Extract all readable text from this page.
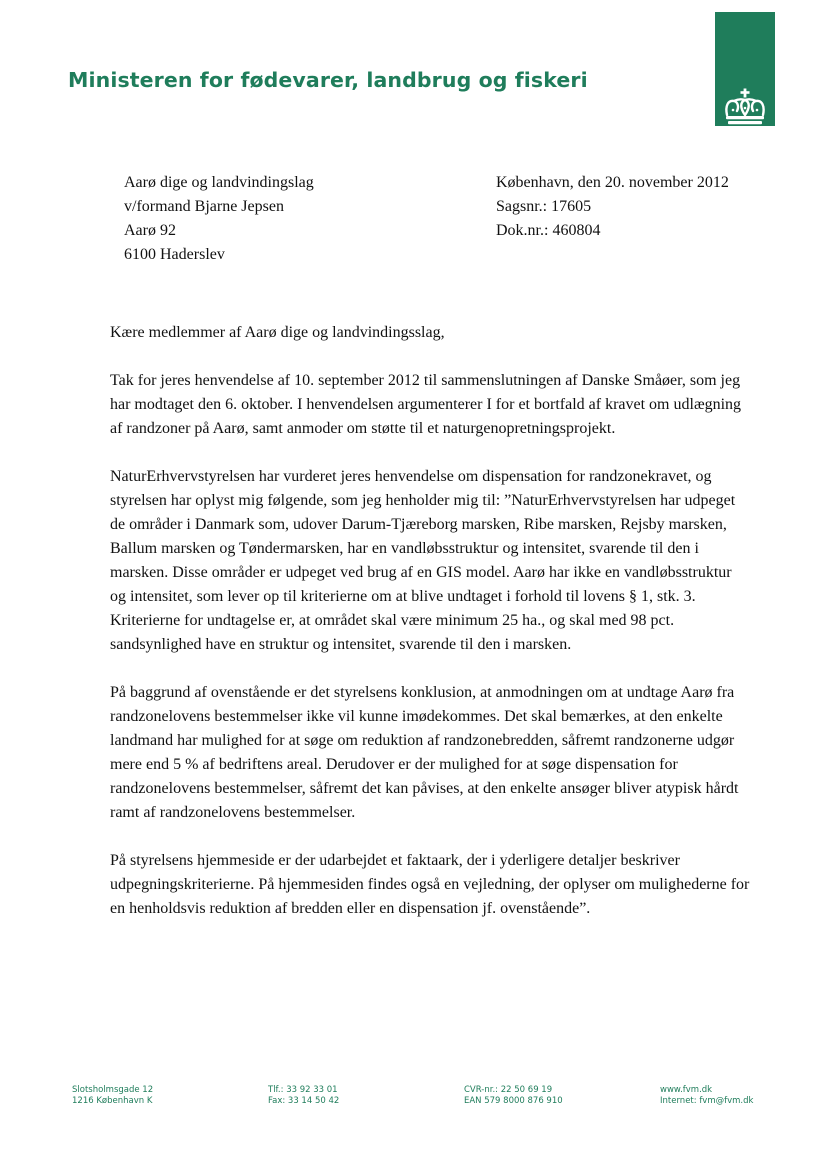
Ministeren for fødevarer, landbrug og fiskeri
Aarø dige og landvindingslag
v/formand Bjarne Jepsen
Aarø 92
6100 Haderslev
København, den 20. november 2012
Sagsnr.: 17605
Dok.nr.: 460804

Kære medlemmer af Aarø dige og landvindingsslag,

Tak for jeres henvendelse af 10. september 2012 til sammenslutningen af Danske Småøer, som jeg har modtaget den 6. oktober. I henvendelsen argumenterer I for et bortfald af kravet om udlægning af randzoner på Aarø, samt anmoder om støtte til et naturgenopretningsprojekt.

NaturErhvervstyrelsen har vurderet jeres henvendelse om dispensation for randzonekravet, og styrelsen har oplyst mig følgende, som jeg henholder mig til: ”NaturErhvervstyrelsen har udpeget de områder i Danmark som, udover Darum-Tjæreborg marsken, Ribe marsken, Rejsby marsken, Ballum marsken og Tøndermarsken, har en vandløbsstruktur og intensitet, svarende til den i marsken. Disse områder er udpeget ved brug af en GIS model. Aarø har ikke en vandløbsstruktur og intensitet, som lever op til kriterierne om at blive undtaget i forhold til lovens § 1, stk. 3. Kriterierne for undtagelse er, at området skal være minimum 25 ha., og skal med 98 pct. sandsynlighed have en struktur og intensitet, svarende til den i marsken.

På baggrund af ovenstående er det styrelsens konklusion, at anmodningen om at undtage Aarø fra randzonelovens bestemmelser ikke vil kunne imødekommes. Det skal bemærkes, at den enkelte landmand har mulighed for at søge om reduktion af randzonebredden, såfremt randzonerne udgør mere end 5 % af bedriftens areal. Derudover er der mulighed for at søge dispensation for randzonelovens bestemmelser, såfremt det kan påvises, at den enkelte ansøger bliver atypisk hårdt ramt af randzonelovens bestemmelser.

På styrelsens hjemmeside er der udarbejdet et faktaark, der i yderligere detaljer beskriver udpegningskriterierne. På hjemmesiden findes også en vejledning, der oplyser om mulighederne for en henholdsvis reduktion af bredden eller en dispensation jf. ovenstående”.

Slotsholmsgade 12
1216 København K
Tlf.: 33 92 33 01
Fax: 33 14 50 42
CVR-nr.: 22 50 69 19
EAN 579 8000 876 910
www.fvm.dk
Internet: fvm@fvm.dk
